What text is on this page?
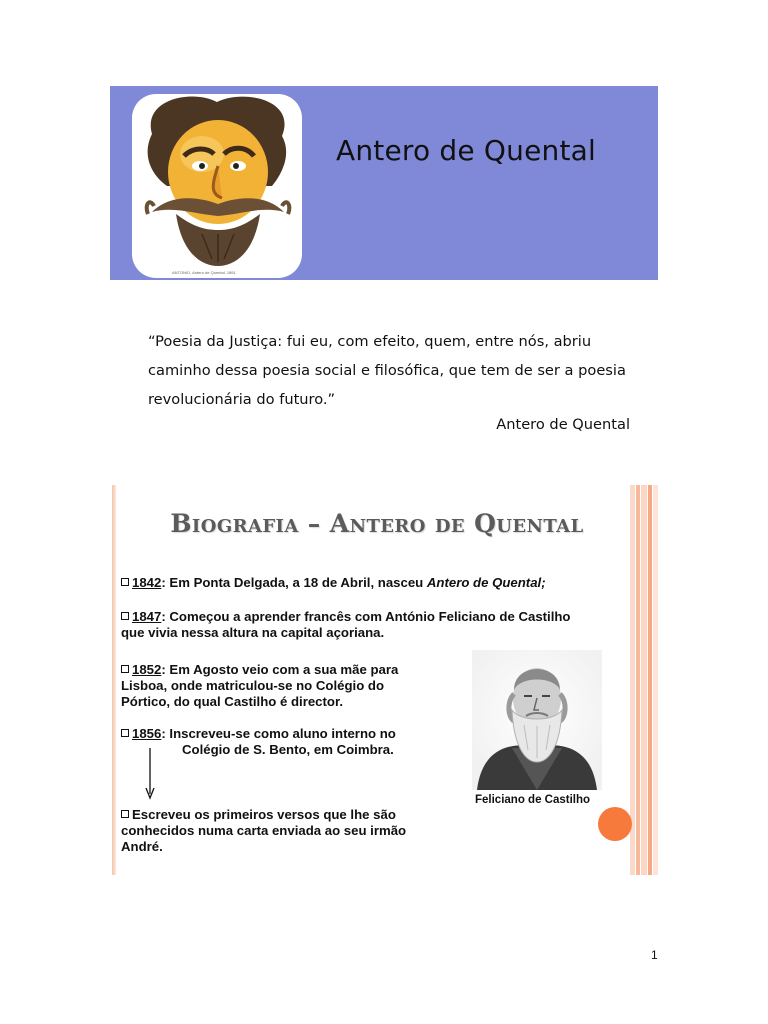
ANTONIO, Antero de Quental, 1891
Antero de Quental
“Poesia da Justiça: fui eu, com efeito, quem, entre nós, abriu
caminho dessa poesia social e filosófica, que tem de ser a poesia
revolucionária do futuro.”
Antero de Quental
Biografia – Antero de Quental
1842: Em Ponta Delgada, a 18 de Abril, nasceu Antero de Quental;
1847: Começou a aprender francês com António Feliciano de Castilho
que vivia nessa altura na capital açoriana.
1852: Em Agosto veio com a sua mãe para
Lisboa, onde matriculou-se no Colégio do
Pórtico, do qual Castilho é director.
1856: Inscreveu-se como aluno interno no
Colégio de S. Bento, em Coimbra.
Escreveu os primeiros versos que lhe são
conhecidos numa carta enviada ao seu irmão
André.
Feliciano de Castilho
1
